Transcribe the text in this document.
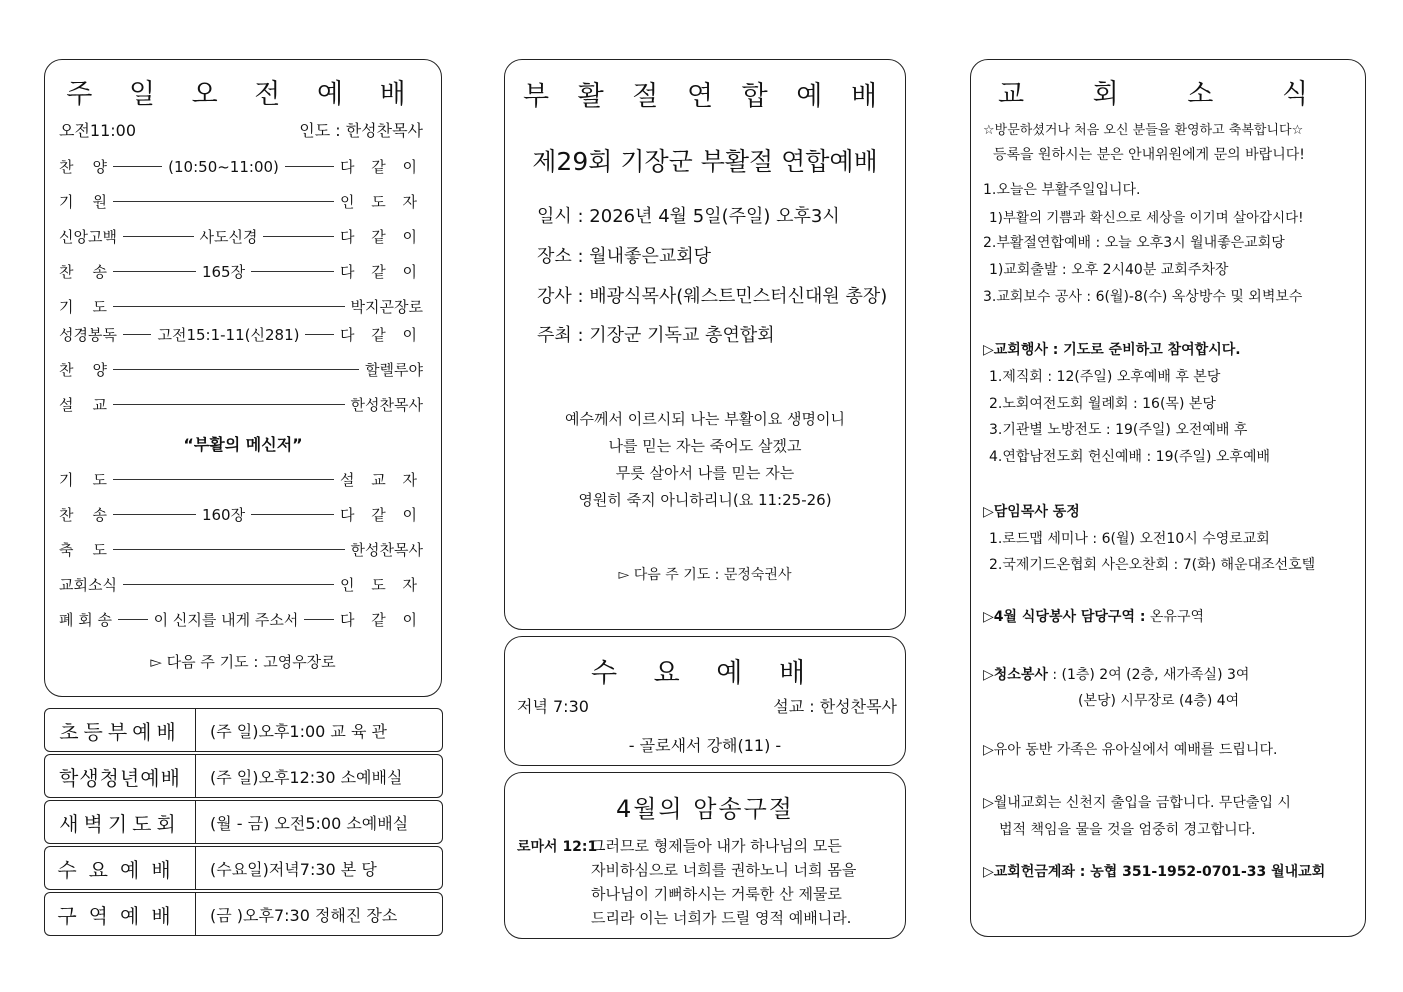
주 일 오 전 예 배
오전11:00	인도 : 한성찬목사
찬    양	(10:50~11:00)	다 같 이
기    원	인 도 자
신앙고백	사도신경	다 같 이
찬    송	165장	다 같 이
기    도	박지곤장로
성경봉독	고전15:1-11(신281)	다 같 이
찬    양	할렐루야
설    교	한성찬목사
“부활의 메신저”
기    도	설 교 자
찬    송	160장	다 같 이
축    도	한성찬목사
교회소식	인 도 자
폐 회 송	이 신지를 내게 주소서	다 같 이
▻ 다음 주 기도 : 고영우장로
초등부예배	(주 일)오후1:00 교 육 관
학생청년예배	(주 일)오후12:30 소예배실
새벽기도회	(월 - 금) 오전5:00 소예배실
수요예배	(수요일)저녁7:30 본 당
구역예배	(금 )오후7:30 정해진 장소
부 활 절 연 합 예 배
제29회 기장군 부활절 연합예배
일시 : 2026년 4월 5일(주일) 오후3시
장소 : 월내좋은교회당
강사 : 배광식목사(웨스트민스터신대원 총장)
주최 : 기장군 기독교 총연합회
예수께서 이르시되 나는 부활이요 생명이니
나를 믿는 자는 죽어도 살겠고
무릇 살아서 나를 믿는 자는
영원히 죽지 아니하리니(요 11:25-26)
▻ 다음 주 기도 : 문정숙권사
수 요 예 배
저녁 7:30	설교 : 한성찬목사
- 골로새서 강해(11) -
4월의 암송구절
로마서 12:1
그러므로 형제들아 내가 하나님의 모든
자비하심으로 너희를 권하노니 너희 몸을
하나님이 기뻐하시는 거룩한 산 제물로
드리라 이는 너희가 드릴 영적 예배니라.
교 회 소 식

☆방문하셨거나 처음 오신 분들을 환영하고 축복합니다☆

등록을 원하시는 분은 안내위원에게 문의 바랍니다!

1.오늘은 부활주일입니다.

1)부활의 기쁨과 확신으로 세상을 이기며 살아갑시다!

2.부활절연합예배 : 오늘 오후3시 월내좋은교회당

1)교회출발 : 오후 2시40분 교회주차장

3.교회보수 공사 : 6(월)-8(수) 옥상방수 및 외벽보수

▷교회행사 : 기도로 준비하고 참여합시다.

1.제직회 : 12(주일) 오후예배 후 본당

2.노회여전도회 월례회 : 16(목) 본당

3.기관별 노방전도 : 19(주일) 오전예배 후

4.연합남전도회 헌신예배 : 19(주일) 오후예배

▷담임목사 동정

1.로드맵 세미나 : 6(월) 오전10시 수영로교회

2.국제기드온협회 사은오찬회 : 7(화) 해운대조선호텔

▷4월 식당봉사 담당구역 : 온유구역

▷청소봉사 : (1층) 2여 (2층, 새가족실) 3여

(본당) 시무장로 (4층) 4여

▷유아 동반 가족은 유아실에서 예배를 드립니다.

▷월내교회는 신천지 출입을 금합니다. 무단출입 시

법적 책임을 물을 것을 엄중히 경고합니다.

▷교회헌금계좌 : 농협 351-1952-0701-33 월내교회
